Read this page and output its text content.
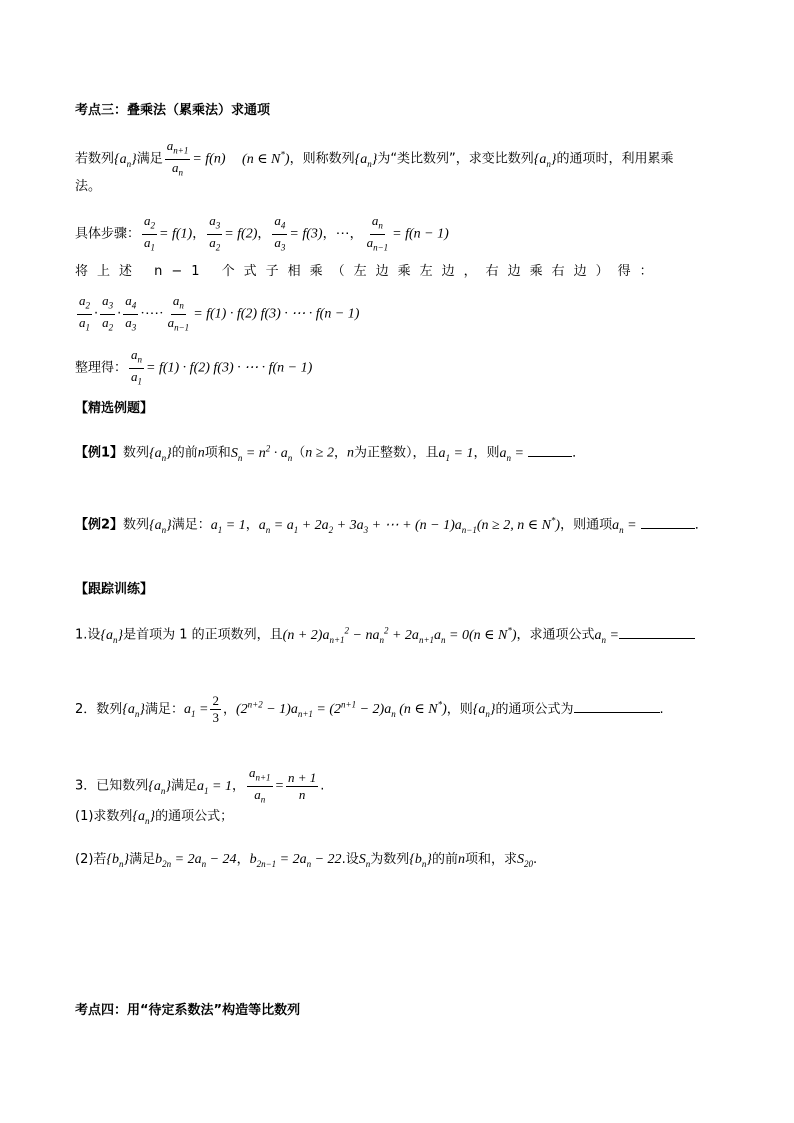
考点三：叠乘法（累乘法）求通项
若数列$\{a_n\}$满足 $\frac{a_{n+1}}{a_n} = f(n)$ (n ∈ N*)，则称数列$\{a_n\}$为“类比数列”，求变比数列$\{a_n\}$的通项时，利用累乘
法。
具体步骤： $\frac{a_2}{a_1} = f(1)$， $\frac{a_3}{a_2} = f(2)$， $\frac{a_4}{a_3} = f(3)$，⋯， $\frac{a_n}{a_{n-1}} = f(n - 1)$
将上述 n−1 个式子相乘（左边乘左边，右边乘右边）得：
$\frac{a_2}{a_1} \cdot \frac{a_3}{a_2} \cdot \frac{a_4}{a_3}$ ·⋯· $\frac{a_n}{a_{n-1}} = f(1) \cdot f(2) f(3)$ · ⋯ · f(n − 1)
整理得： $\frac{a_n}{a_1} = f(1) \cdot f(2) f(3)$ · ⋯ · f(n − 1)
【精选例题】
【例1】数列$\{a_n\}$的前n项和$S_n = n^2 \cdot a_n(n \ge 2$，n为正整数），且$a_1 = 1$，则$a_n$ =	．
【例2】数列$\{a_n\}$满足：$a_1 = 1$，$a_n = a_1 + 2a_2 + 3a_3$ + ⋯ + $(n - 1)a_{n-1}(n \ge 2$, n ∈ N*)，则通项$a_n$ =	．
【跟踪训练】
1.设$\{a_n\}$是首项为 1 的正项数列，且$(n + 2)a_{n+1}^2 - na_n^2 + 2a_{n+1}a_n = 0(n$ ∈ N*)，求通项公式$a_n$ =
2．数列$\{a_n\}$满足：$a_1 = \frac{2}{3}$ ，$(2^{n+2} - 1)a_{n+1} = (2^{n+1} - 2)a_n$ (n ∈ N*)，则$\{a_n\}$的通项公式为	.
3．已知数列$\{a_n\}$满足$a_1 = 1$， $\frac{a_{n+1}}{a_n} = \frac{n + 1}{n}$ .
(1)求数列$\{a_n\}$的通项公式；
(2)若$\{b_n\}$满足$b_{2n} = 2a_n - 24$，$b_{2n-1} = 2a_n - 22$.设$S_n$为数列$\{b_n\}$的前n项和，求$S_{20}$.
考点四：用“待定系数法”构造等比数列
